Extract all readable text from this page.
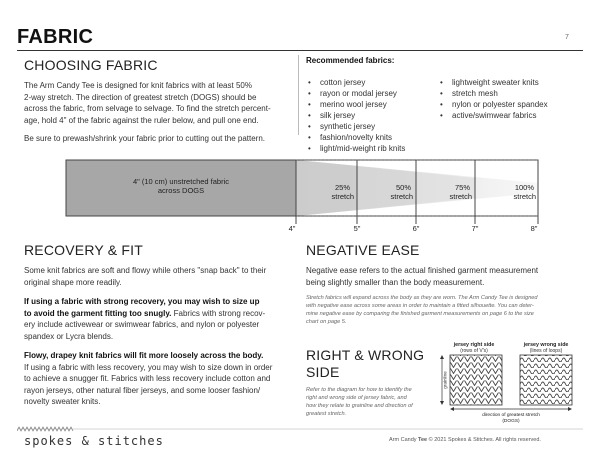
FABRIC	7
CHOOSING FABRIC
The Arm Candy Tee is designed for knit fabrics with at least 50%
2-way stretch. The direction of greatest stretch (DOGS) should be
across the fabric, from selvage to selvage. To find the stretch percent-
age, hold 4" of the fabric against the ruler below, and pull one end.
Be sure to prewash/shrink your fabric prior to cutting out the pattern.
Recommended fabrics:
• cotton jersey
• rayon or modal jersey
• merino wool jersey
• silk jersey
• synthetic jersey
• fashion/novelty knits
• light/mid-weight rib knits
• lightweight sweater knits
• stretch mesh
• nylon or polyester spandex
• active/swimwear fabrics
4" (10 cm) unstretched fabric
across DOGS	25%
stretch
50%
stretch
75%
stretch
100%
stretch
4"	5"	6"	7"	8"
RECOVERY & FIT
Some knit fabrics are soft and flowy while others "snap back" to their
original shape more readily.
If using a fabric with strong recovery, you may wish to size up
to avoid the garment fitting too snugly. Fabrics with strong recov-
ery include activewear or swimwear fabrics, and nylon or polyester
spandex or Lycra blends.
Flowy, drapey knit fabrics will fit more loosely across the body.
If using a fabric with less recovery, you may wish to size down in order
to achieve a snugger fit. Fabrics with less recovery include cotton and
rayon jerseys, other natural fiber jerseys, and some looser fashion/
novelty sweater knits.
NEGATIVE EASE
Negative ease refers to the actual finished garment measurement
being slightly smaller than the body measurement.
Stretch fabrics will expand across the body as they are worn. The Arm Candy Tee is designed
with negative ease across some areas in order to maintain a fitted silhouette. You can deter-
mine negative ease by comparing the finished garment measurements on page 6 to the size
chart on page 5.
RIGHT & WRONG
SIDE
Refer to the diagram for how to identify the
right and wrong side of jersey fabric, and
how they relate to grainline and direction of
greatest stretch.
jersey right side
(rows of V's)
jersey wrong side
(lines of loops)
grainline
direction of greatest stretch
(DOGS)
spokes & stitches	Arm Candy Tee © 2021 Spokes & Stitches. All rights reserved.
